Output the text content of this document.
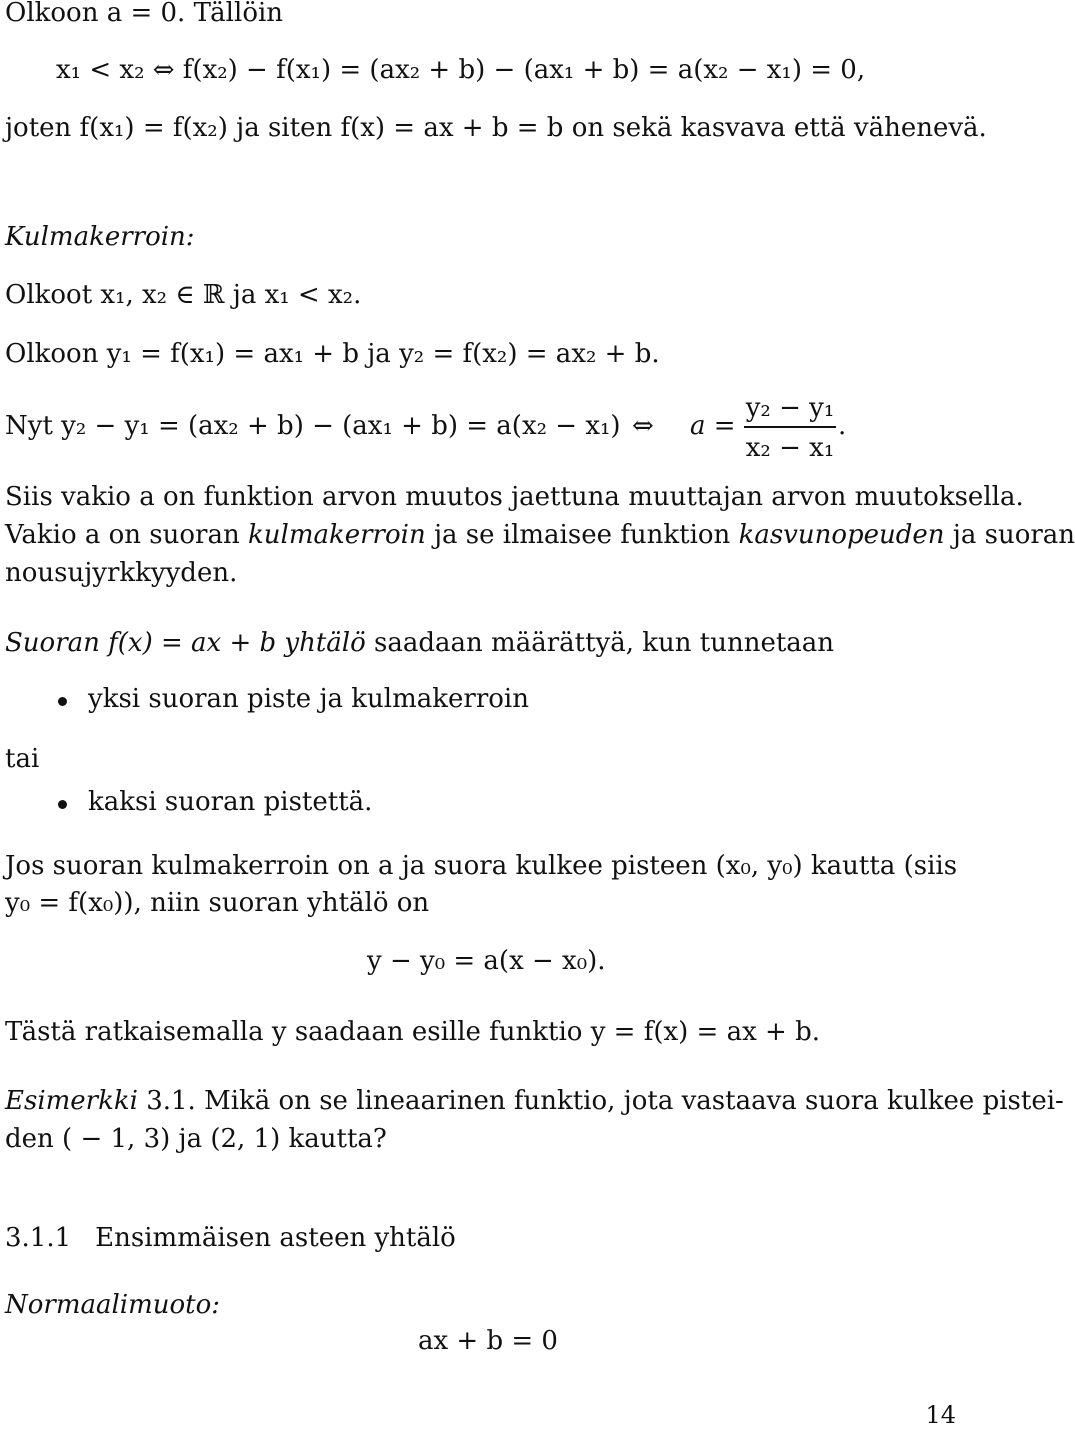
Olkoon a = 0. Tällöin
x₁ < x₂ ⇔ f(x₂) − f(x₁) = (ax₂ + b) − (ax₁ + b) = a(x₂ − x₁) = 0,
joten f(x₁) = f(x₂) ja siten f(x) = ax + b = b on sekä kasvava että vähenevä.
Kulmakerroin:
Olkoot x₁, x₂ ∈ ℝ ja x₁ < x₂.
Olkoon y₁ = f(x₁) = ax₁ + b ja y₂ = f(x₂) = ax₂ + b.
Nyt y₂ − y₁ = (ax₂ + b) − (ax₁ + b) = a(x₂ − x₁) ⇔ a =
y₂ − y₁
x₂ − x₁
.
Siis vakio a on funktion arvon muutos jaettuna muuttajan arvon muutoksella.
Vakio a on suoran kulmakerroin ja se ilmaisee funktion kasvunopeuden ja suoran
nousujyrkkyyden.
Suoran f(x) = ax + b yhtälö saadaan määrättyä, kun tunnetaan
yksi suoran piste ja kulmakerroin
tai
kaksi suoran pistettä.
Jos suoran kulmakerroin on a ja suora kulkee pisteen (x₀, y₀) kautta (siis
y₀ = f(x₀)), niin suoran yhtälö on
y − y₀ = a(x − x₀).
Tästä ratkaisemalla y saadaan esille funktio y = f(x) = ax + b.
Esimerkki 3.1. Mikä on se lineaarinen funktio, jota vastaava suora kulkee pistei-
den ( − 1, 3) ja (2, 1) kautta?
3.1.1 Ensimmäisen asteen yhtälö
Normaalimuoto:
ax + b = 0
14
